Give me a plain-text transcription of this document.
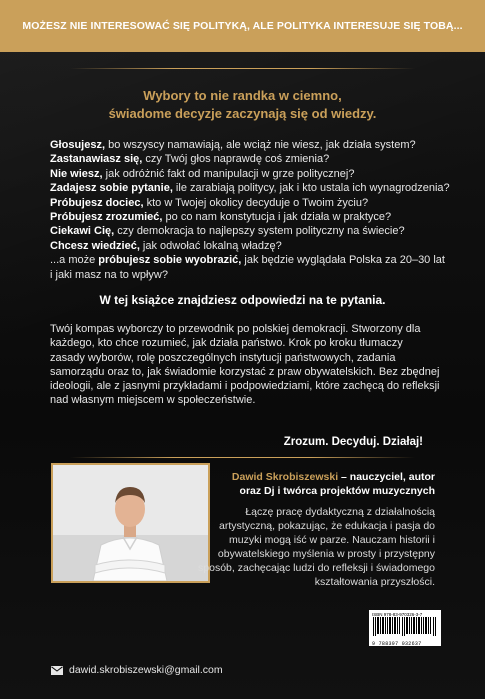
MOŻESZ NIE INTERESOWAĆ SIĘ POLITYKĄ, ALE POLITYKA INTERESUJE SIĘ TOBĄ...
Wybory to nie randka w ciemno,
świadome decyzje zaczynają się od wiedzy.

Głosujesz, bo wszyscy namawiają, ale wciąż nie wiesz, jak działa system?

Zastanawiasz się, czy Twój głos naprawdę coś zmienia?

Nie wiesz, jak odróżnić fakt od manipulacji w grze politycznej?

Zadajesz sobie pytanie, ile zarabiają politycy, jak i kto ustala ich wynagrodzenia?

Próbujesz dociec, kto w Twojej okolicy decyduje o Twoim życiu?

Próbujesz zrozumieć, po co nam konstytucja i jak działa w praktyce?

Ciekawi Cię, czy demokracja to najlepszy system polityczny na świecie?

Chcesz wiedzieć, jak odwołać lokalną władzę?

...a może próbujesz sobie wyobrazić, jak będzie wyglądała Polska za 20–30 lat i jaki masz na to wpływ?

W tej książce znajdziesz odpowiedzi na te pytania.
Twój kompas wyborczy to przewodnik po polskiej demokracji. Stworzony dla każdego, kto chce rozumieć, jak działa państwo. Krok po kroku tłumaczy zasady wyborów, rolę poszczególnych instytucji państwowych, zadania samorządu oraz to, jak świadomie korzystać z praw obywatelskich. Bez zbędnej ideologii, ale z jasnymi przykładami i podpowiedziami, które zachęcą do refleksji nad własnym miejscem w społeczeństwie.
Zrozum. Decyduj. Działaj!
Dawid Skrobiszewski – nauczyciel, autor
oraz Dj i twórca projektów muzycznych
Łączę pracę dydaktyczną z działalnością artystyczną, pokazując, że edukacja i pasja do muzyki mogą iść w parze. Nauczam historii i obywatelskiego myślenia w prosty i przystępny sposób, zachęcając ludzi do refleksji i świadomego kształtowania przyszłości.
ISBN 978-83-970326-3-7
9 788397 032637
dawid.skrobiszewski@gmail.com
